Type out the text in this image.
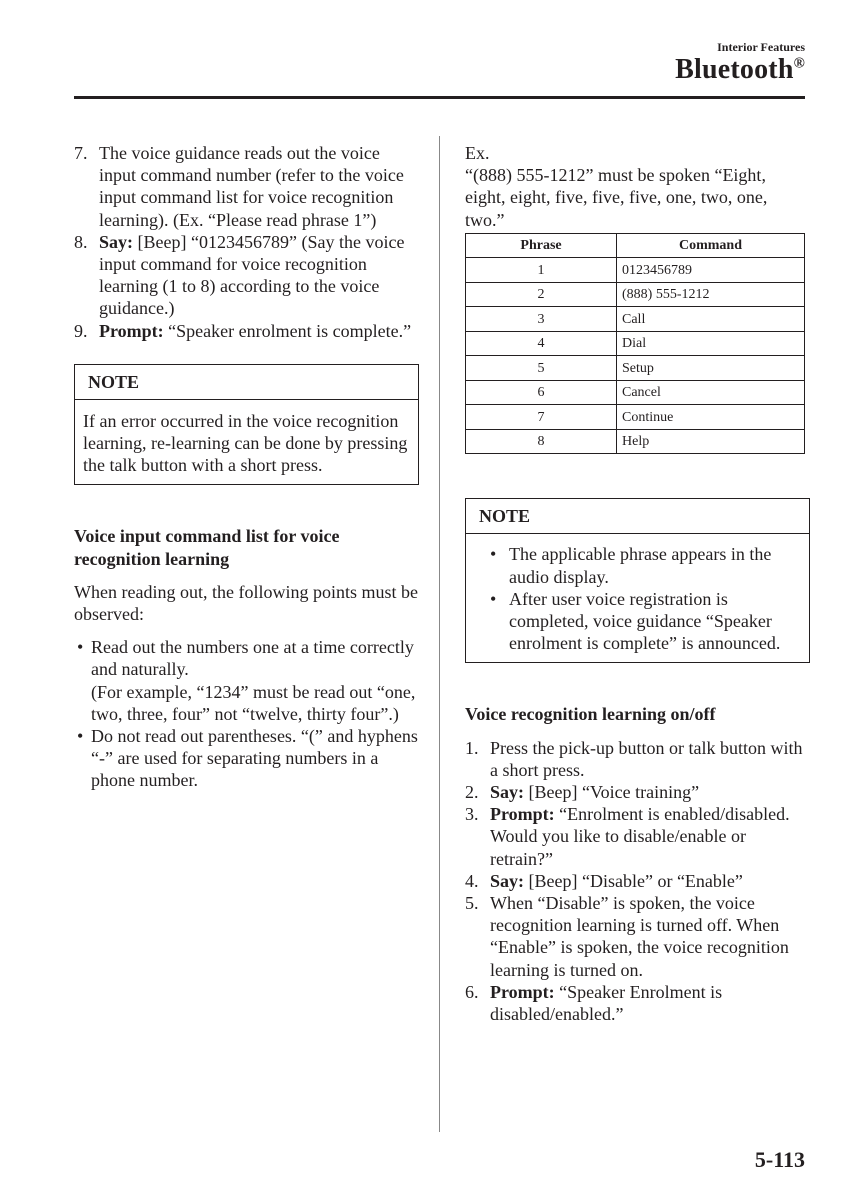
Interior Features
Bluetooth®
7. The voice guidance reads out the voice input command number (refer to the voice input command list for voice recognition learning). (Ex. “Please read phrase 1”)
8. Say: [Beep] “0123456789” (Say the voice input command for voice recognition learning (1 to 8) according to the voice guidance.)
9. Prompt: “Speaker enrolment is complete.”
NOTE
If an error occurred in the voice recognition learning, re-learning can be done by pressing the talk button with a short press.
Voice input command list for voice recognition learning
When reading out, the following points must be observed:
• Read out the numbers one at a time correctly and naturally.
(For example, “1234” must be read out “one, two, three, four” not “twelve, thirty four”.)
• Do not read out parentheses. “(” and hyphens “-” are used for separating numbers in a phone number.
Ex.
“(888) 555-1212” must be spoken “Eight, eight, eight, five, five, five, one, two, one, two.”
Phrase	Command
1	0123456789
2	(888) 555-1212
3	Call
4	Dial
5	Setup
6	Cancel
7	Continue
8	Help
NOTE
• The applicable phrase appears in the audio display.
• After user voice registration is completed, voice guidance “Speaker enrolment is complete” is announced.
Voice recognition learning on/off
1. Press the pick-up button or talk button with a short press.
2. Say: [Beep] “Voice training”
3. Prompt: “Enrolment is enabled/disabled. Would you like to disable/enable or retrain?”
4. Say: [Beep] “Disable” or “Enable”
5. When “Disable” is spoken, the voice recognition learning is turned off. When “Enable” is spoken, the voice recognition learning is turned on.
6. Prompt: “Speaker Enrolment is disabled/enabled.”
5-113
